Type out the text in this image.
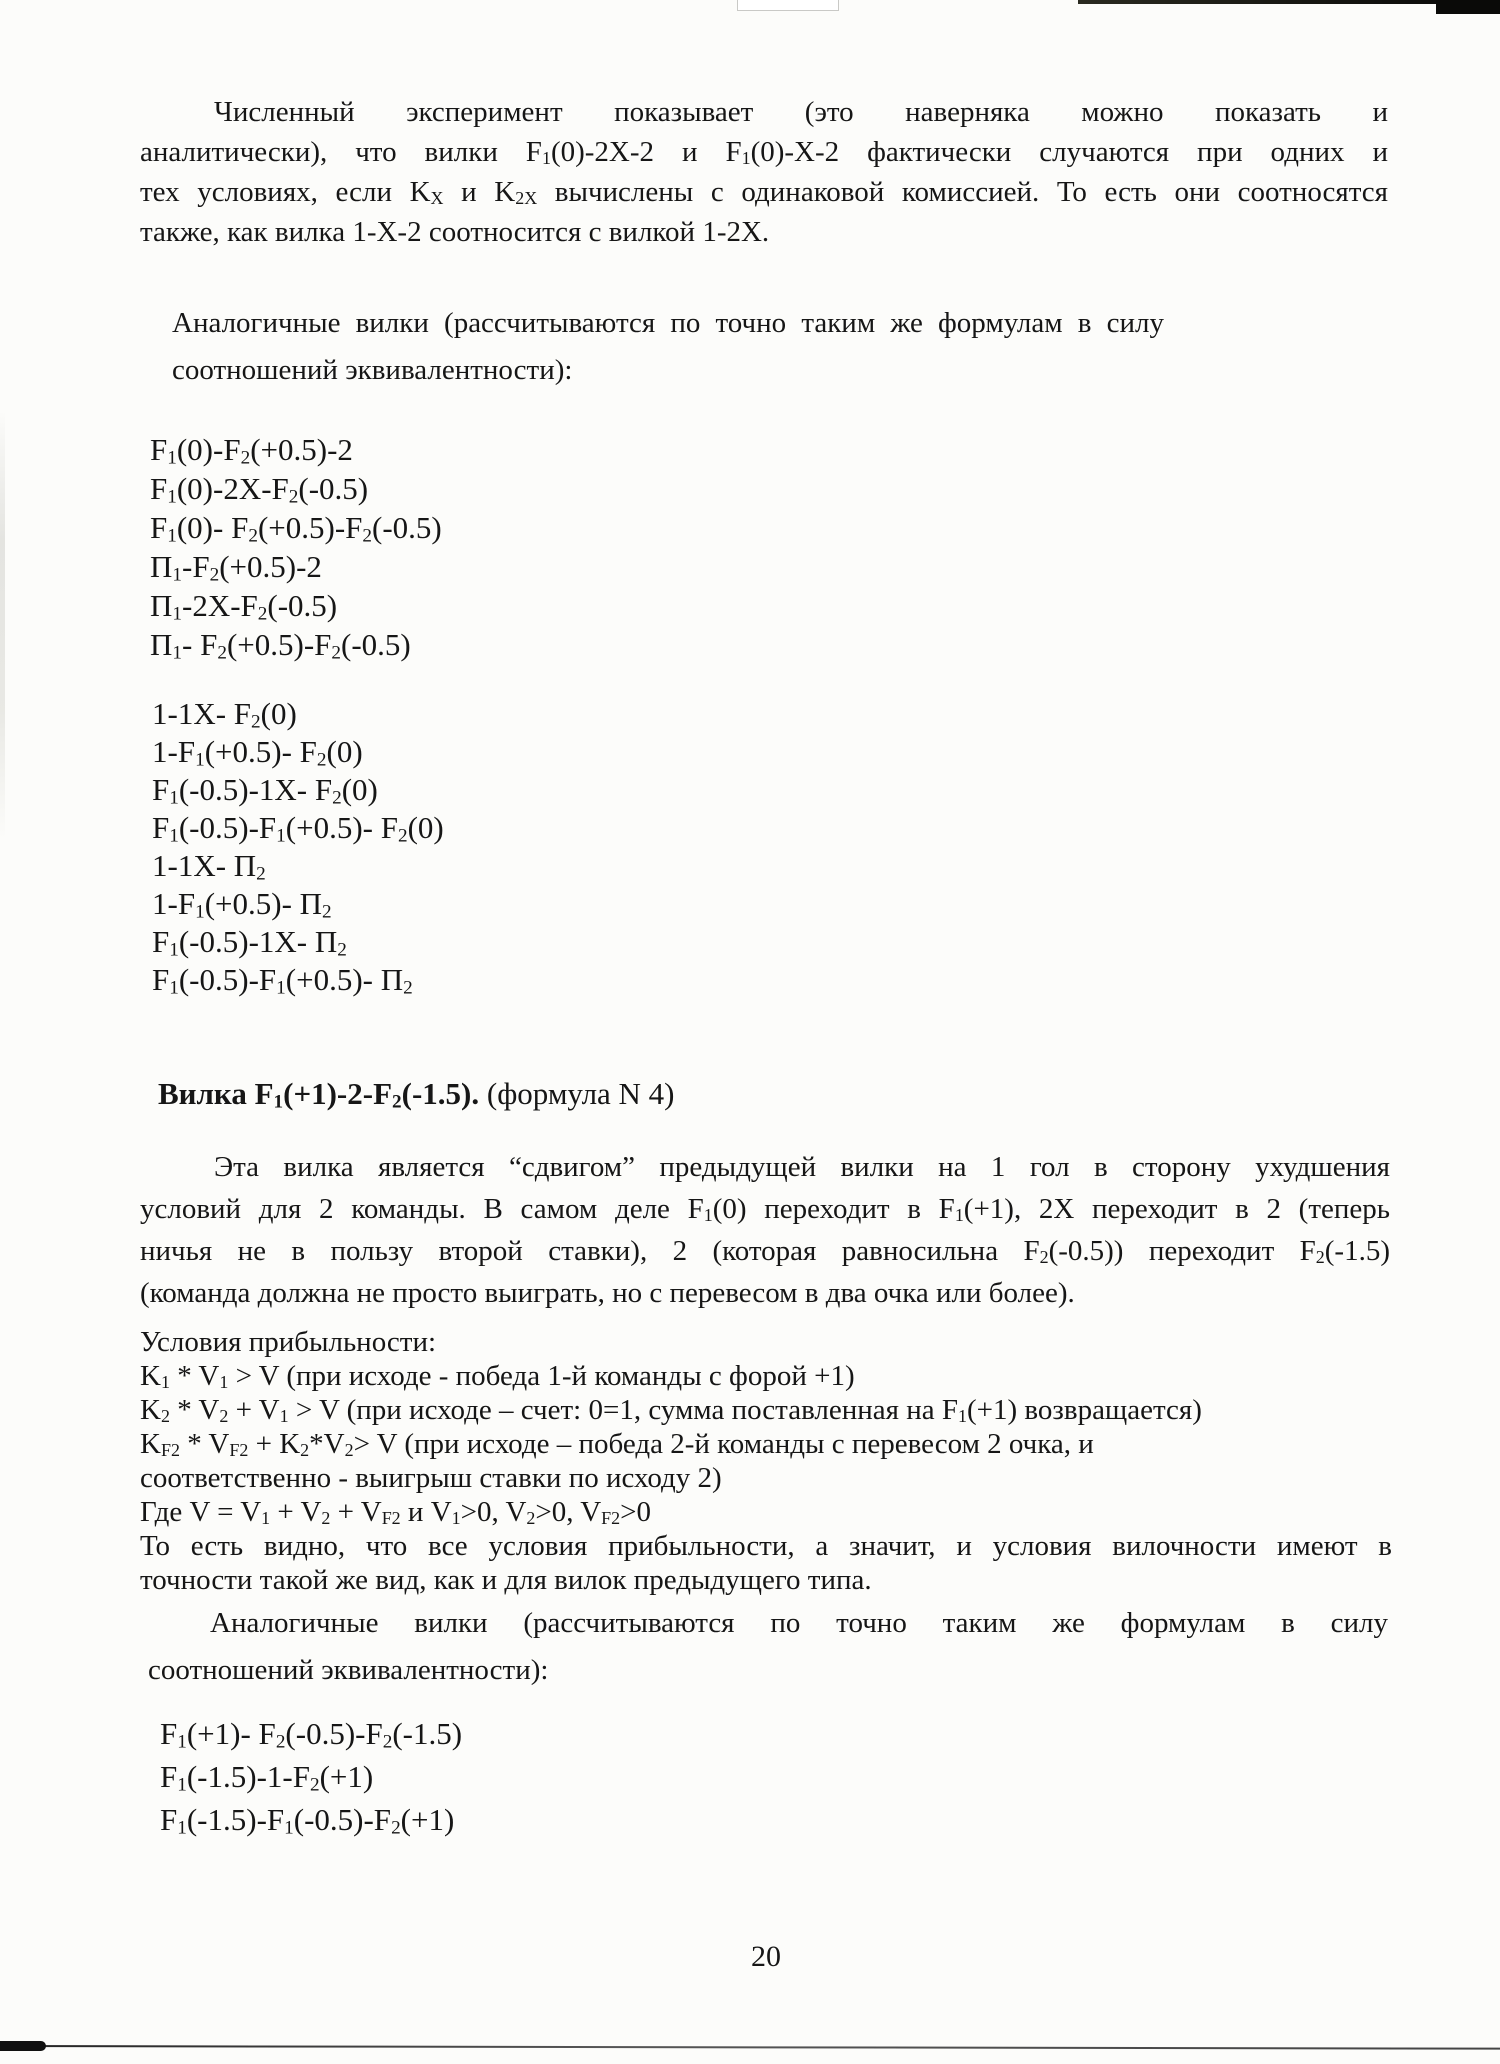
Численный эксперимент показывает (это наверняка можно показать и
аналитически), что вилки $F_1(0)-2X-2$ и $F_1(0)-X-2$ фактически случаются при одних и
тех условиях, если $K_X$ и $K_{2X}$ вычислены с одинаковой комиссией. То есть они соотносятся
также, как вилка 1-X-2 соотносится с вилкой 1-2X.
Аналогичные вилки (рассчитываются по точно таким же формулам в силу
соотношений эквивалентности):
$F_1(0)-F_2(+0.5)-2$
$F_1(0)-2X-F_2(-0.5)$
$F_1(0)-$ $F_2(+0.5)-F_2(-0.5)$
$П_1-F_2(+0.5)-2$
$П_1-2X-F_2(-0.5)$
$П_1-$ $F_2(+0.5)-F_2(-0.5)$
1-1X- $F_2(0)$
$1-F_1(+0.5)-$ $F_2(0)$
$F_1(-0.5)-1X-$ $F_2(0)$
$F_1(-0.5)-F_1(+0.5)-$ $F_2(0)$
1-1X- $П_2$
$1-F_1(+0.5)-$ $П_2$
$F_1(-0.5)-1X-$ $П_2$
$F_1(-0.5)-F_1(+0.5)-$ $П_2$
Вилка $F_1(+1)-2-F_2(-1.5)$. (формула N 4)
Эта вилка является “сдвигом” предыдущей вилки на 1 гол в сторону ухудшения
условий для 2 команды. В самом деле $F_1(0)$ переходит в $F_1(+1)$, 2X переходит в 2 (теперь
ничья не в пользу второй ставки), 2 (которая равносильна $F_2(-0.5)$) переходит $F_2(-1.5)$
(команда должна не просто выиграть, но с перевесом в два очка или более).
Условия прибыльности:
$K_1 * V_1 > V$ (при исходе - победа 1-й команды с форой +1)
$K_2 * V_2 + V_1 > V$ (при исходе – счет: 0=1, сумма поставленная на $F_1(+1)$ возвращается)
$K_{F2} * V_{F2} + K_2*V_2> V$ (при исходе – победа 2-й команды с перевесом 2 очка, и
соответственно - выигрыш ставки по исходу 2)
Где $V = V_1 + V_2 + V_{F2}$ и $V_1>0$, $V_2>0$, $V_{F2}>0$
То есть видно, что все условия прибыльности, а значит, и условия вилочности имеют в
точности такой же вид, как и для вилок предыдущего типа.
Аналогичные вилки (рассчитываются по точно таким же формулам в силу
соотношений эквивалентности):
$F_1(+1)-$ $F_2(-0.5)-F_2(-1.5)$
$F_1(-1.5)-1-F_2(+1)$
$F_1(-1.5)-F_1(-0.5)-F_2(+1)$
20
